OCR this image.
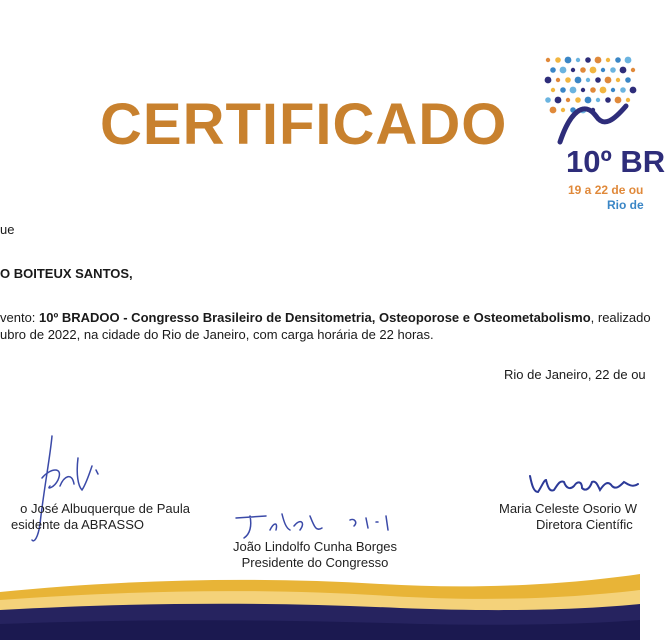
CERTIFICADO
10º BR
19 a 22 de ou
Rio de
ue
O BOITEUX SANTOS,
vento: 10º BRADOO - Congresso Brasileiro de Densitometria, Osteoporose e Osteometabolismo, realizado
ubro de 2022, na cidade do Rio de Janeiro, com carga horária de 22 horas.
Rio de Janeiro, 22 de ou
o José Albuquerque de Paula
esidente da ABRASSO
João Lindolfo Cunha Borges
Presidente do Congresso
Maria Celeste Osorio W
Diretora Científic
